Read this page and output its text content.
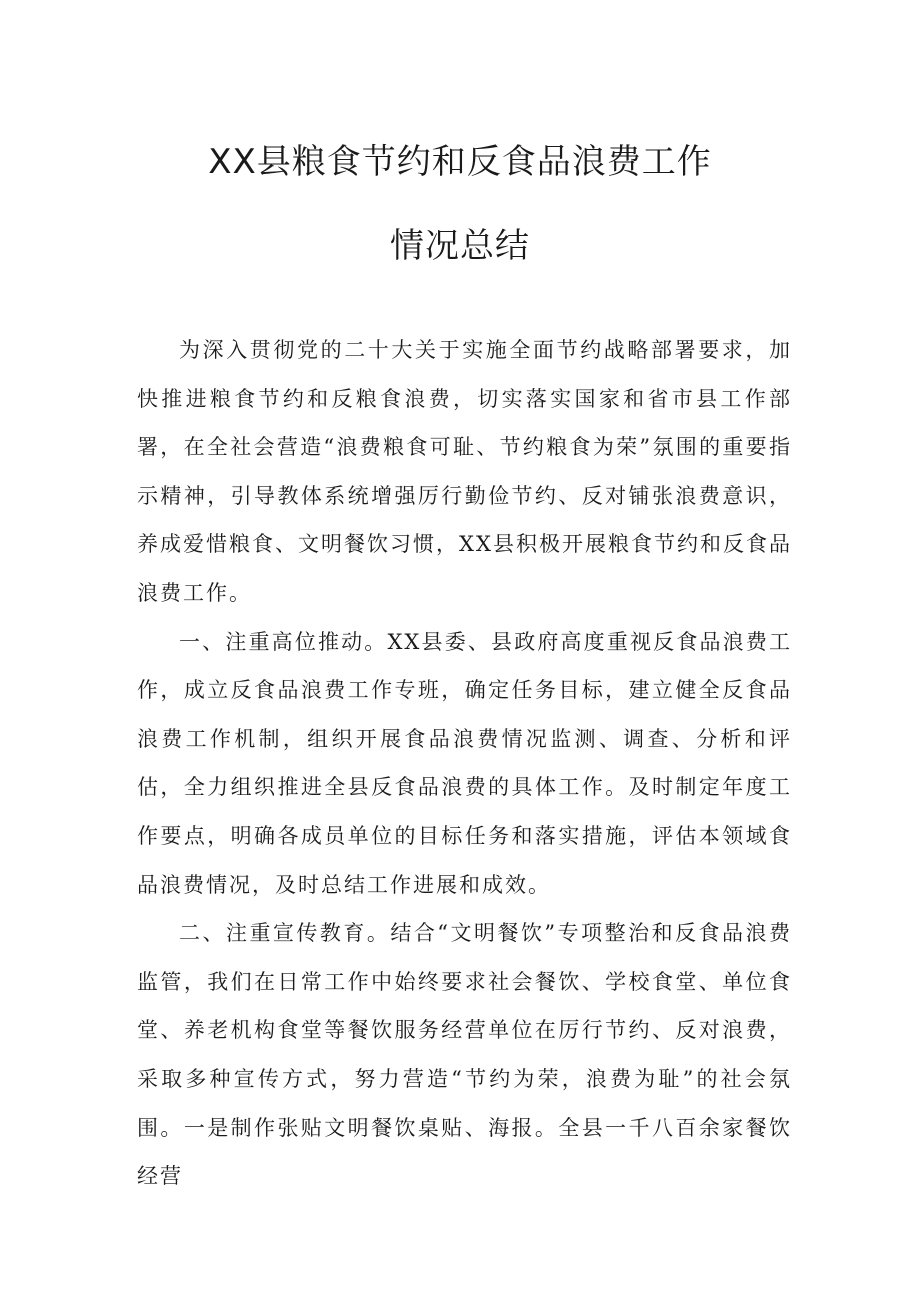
XX县粮食节约和反食品浪费工作
情况总结

为深入贯彻党的二十大关于实施全面节约战略部署要求，加快推进粮食节约和反粮食浪费，切实落实国家和省市县工作部署，在全社会营造“浪费粮食可耻、节约粮食为荣”氛围的重要指示精神，引导教体系统增强厉行勤俭节约、反对铺张浪费意识，养成爱惜粮食、文明餐饮习惯，XX县积极开展粮食节约和反食品浪费工作。

一、注重高位推动。XX县委、县政府高度重视反食品浪费工作，成立反食品浪费工作专班，确定任务目标，建立健全反食品浪费工作机制，组织开展食品浪费情况监测、调查、分析和评估，全力组织推进全县反食品浪费的具体工作。及时制定年度工作要点，明确各成员单位的目标任务和落实措施，评估本领域食品浪费情况，及时总结工作进展和成效。

二、注重宣传教育。结合“文明餐饮”专项整治和反食品浪费监管，我们在日常工作中始终要求社会餐饮、学校食堂、单位食堂、养老机构食堂等餐饮服务经营单位在厉行节约、反对浪费，采取多种宣传方式，努力营造“节约为荣，浪费为耻”的社会氛围。一是制作张贴文明餐饮桌贴、海报。全县一千八百余家餐饮经营
